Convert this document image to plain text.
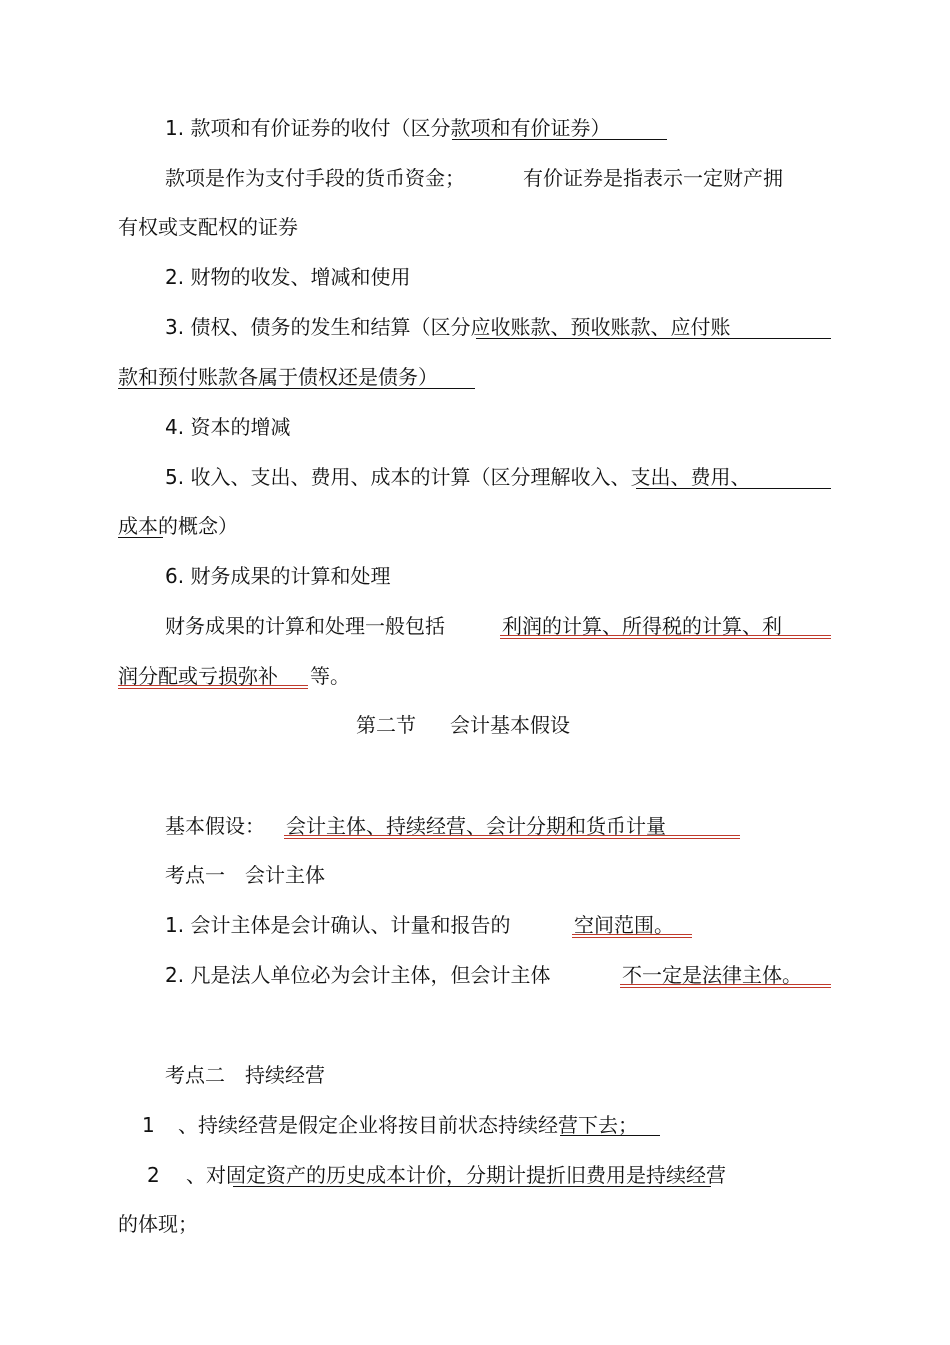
1. 款项和有价证券的收付（区分款项和有价证券）
款项是作为支付手段的货币资金；	有价证券是指表示一定财产拥
有权或支配权的证券
2. 财物的收发、增减和使用
3. 债权、债务的发生和结算（区分应收账款、预收账款、应付账
款和预付账款各属于债权还是债务）
4. 资本的增减
5. 收入、支出、费用、成本的计算（区分理解收入、支出、费用、
成本的概念）
6. 财务成果的计算和处理
财务成果的计算和处理一般包括	利润的计算、所得税的计算、利
润分配或亏损弥补 等。
第二节 会计基本假设
基本假设： 会计主体、持续经营、会计分期和货币计量
考点一　会计主体
1. 会计主体是会计确认、计量和报告的	空间范围。
2. 凡是法人单位必为会计主体，但会计主体	不一定是法律主体。
考点二　持续经营
1 、持续经营是假定企业将按目前状态持续经营下去；
2 、对固定资产的历史成本计价，分期计提折旧费用是持续经营
的体现；
